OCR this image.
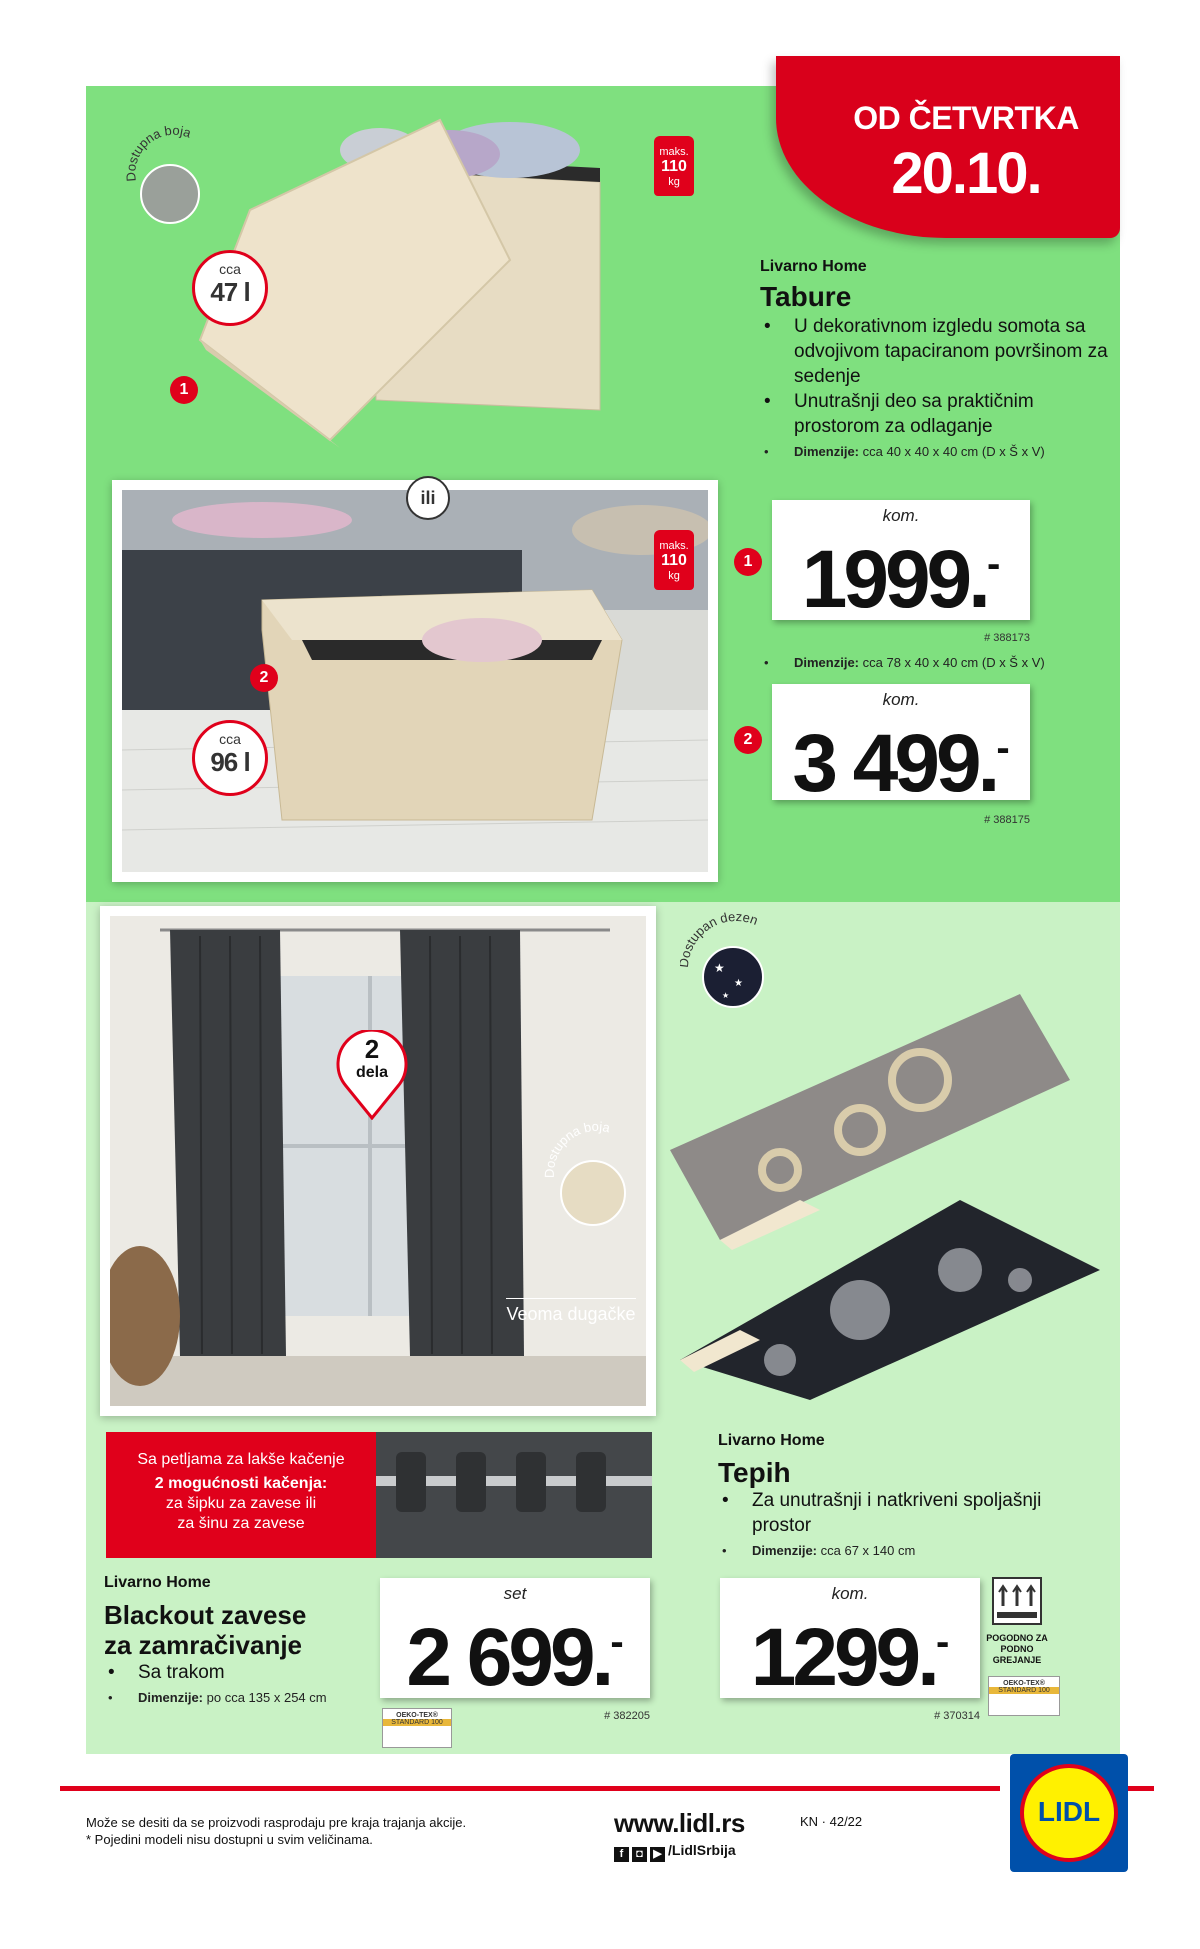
OD ČETVRTKA
20.10.
stupna boja
cca
47 l
1
maks.
110
kg
ili
maks.
110
kg
2
cca
96 l
Livarno Home
Tabure
• U dekorativnom izgledu somota sa odvojivom tapaciranom površinom za sedenje
• Unutrašnji deo sa praktičnim prostorom za odlaganje
• Dimenzije: cca 40 x 40 x 40 cm (D x Š x V)
1
kom.
1999.-
# 388173
• Dimenzije: cca 78 x 40 x 40 cm (D x Š x V)
2
kom.
3 499.-
# 388175
2
dela
Dostupna boja
Veoma dugačke
Sa petljama za lakše kačenje
2 mogućnosti kačenja:
za šipku za zavese ili
za šinu za zavese
Livarno Home
Blackout zavese
za zamračivanje
• Sa trakom
• Dimenzije: po cca 135 x 254 cm
set
2 699.-
# 382205
OEKO-TEX®
STANDARD 100
stupan dezen
★
★
★
Livarno Home
Tepih
• Za unutrašnji i natkriveni spoljašnji prostor
• Dimenzije: cca 67 x 140 cm
kom.
1299.-
# 370314
POGODNO ZA PODNO GREJANJE
OEKO-TEX®
STANDARD 100
Može se desiti da se proizvodi rasprodaju pre kraja trajanja akcije.
* Pojedini modeli nisu dostupni u svim veličinama.
www.lidl.rs
f ◘ ▶ /LidlSrbija
KN · 42/22	LIDL
